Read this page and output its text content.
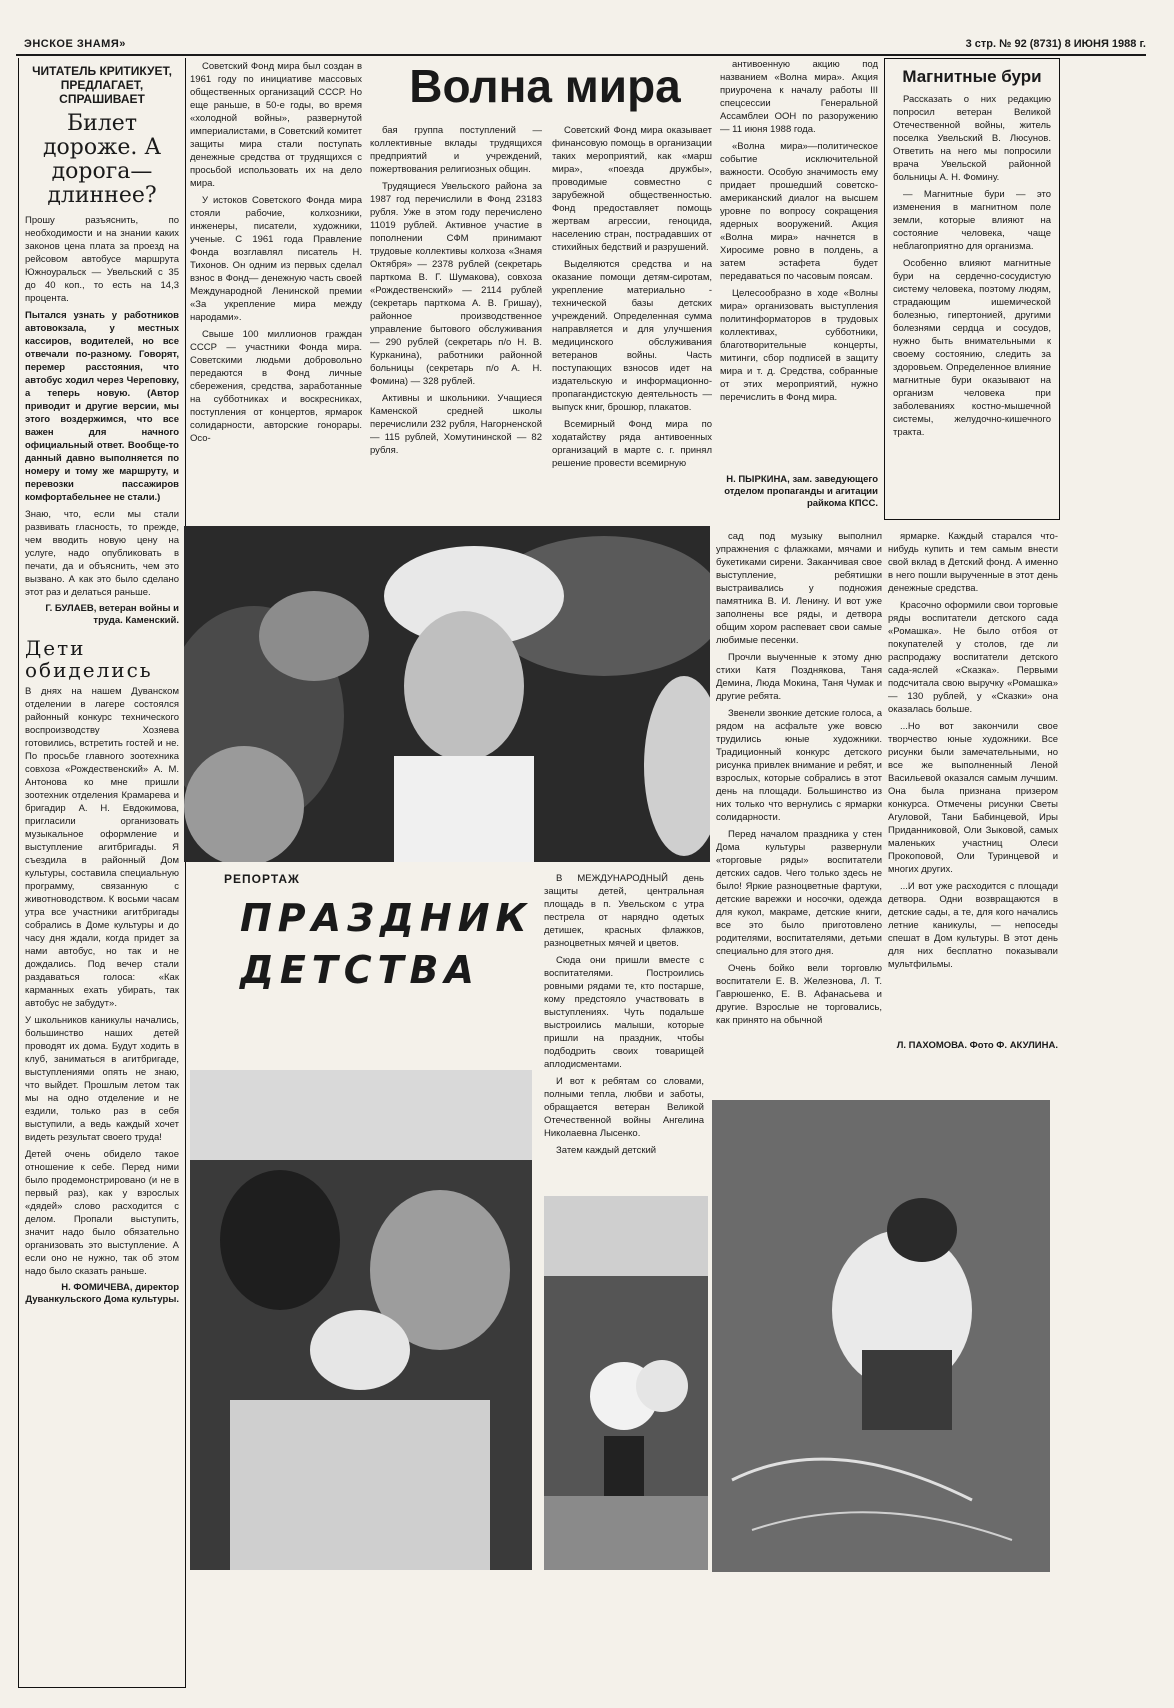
ЭНСКОЕ ЗНАМЯ»	3 стр. № 92 (8731) 8 ИЮНЯ 1988 г.
ЧИТАТЕЛЬ КРИТИКУЕТ, ПРЕДЛАГАЕТ, СПРАШИВАЕТ
Билет дороже. А дорога— длиннее?

Прошу разъяснить, по необходимости и на знании каких законов цена плата за проезд на рейсовом автобусе маршрута Южноуральск — Увельский с 35 до 40 коп., то есть на 14,3 процента.

Пытался узнать у работников автовокзала, у местных кассиров, водителей, но все отвечали по-разному. Говорят, перемер расстояния, что автобус ходил через Череповку, а теперь новую. (Автор приводит и другие версии, мы этого воздержимся, что все важен для начного официальный ответ. Вообще-то данный давно выполняется по номеру и тому же маршруту, и перевозки пассажиров комфортабельнее не стали.)

Знаю, что, если мы стали развивать гласность, то прежде, чем вводить новую цену на услуге, надо опубликовать в печати, да и объяснить, чем это вызвано. А как это было сделано этот раз и делаться раньше.

Г. БУЛАЕВ, ветеран войны и труда. Каменский.
Дети обиделись

В днях на нашем Дуванском отделении в лагере состоялся районный конкурс технического воспроизводству Хозяева готовились, встретить гостей и не. По просьбе главного зоотехника совхоза «Рождественский» А. М. Антонова ко мне пришли зоотехник отделения Крамарева и бригадир А. Н. Евдокимова, пригласили организовать музыкальное оформление и выступление агитбригады. Я съездила в районный Дом культуры, составила специальную программу, связанную с животноводством. К восьми часам утра все участники агитбригады собрались в Доме культуры и до часу дня ждали, когда придет за нами автобус, но так и не дождались. Под вечер стали раздаваться голоса: «Как карманных ехать убирать, так автобус не забудут».

У школьников каникулы начались, большинство наших детей проводят их дома. Будут ходить в клуб, заниматься в агитбригаде, выступлениями опять не знаю, что выйдет. Прошлым летом так мы на одно отделение и не ездили, только раз в себя выступили, а ведь каждый хочет видеть результат своего труда!

Детей очень обидело такое отношение к себе. Перед ними было продемонстрировано (и не в первый раз), как у взрослых «дядей» слово расходится с делом. Пропали выступить, значит надо было обязательно организовать это выступление. А если оно не нужно, так об этом надо было сказать раньше.

Н. ФОМИЧЕВА, директор Дуванкульского Дома культуры.
Волна мира

Советский Фонд мира был создан в 1961 году по инициативе массовых общественных организаций СССР. Но еще раньше, в 50-е годы, во время «холодной войны», развернутой империалистами, в Советский комитет защиты мира стали поступать денежные средства от трудящихся с просьбой использовать их на дело мира.

У истоков Советского Фонда мира стояли рабочие, колхозники, инженеры, писатели, художники, ученые. С 1961 года Правление Фонда возглавлял писатель Н. Тихонов. Он одним из первых сделал взнос в Фонд— денежную часть своей Международной Ленинской премии «За укрепление мира между народами».

Свыше 100 миллионов граждан СССР — участники Фонда мира. Советскими людьми добровольно передаются в Фонд личные сбережения, средства, заработанные на субботниках и воскресниках, поступления от концертов, ярмарок солидарности, авторские гонорары. Осо-

бая группа поступлений — коллективные вклады трудящихся предприятий и учреждений, пожертвования религиозных общин.

Трудящиеся Увельского района за 1987 год перечислили в Фонд 23183 рубля. Уже в этом году перечислено 11019 рублей. Активное участие в пополнении СФМ принимают трудовые коллективы колхоза «Знамя Октября» — 2378 рублей (секретарь парткома В. Г. Шумакова), совхоза «Рождественский» — 2114 рублей (секретарь парткома А. В. Гришау), районное производственное управление бытового обслуживания — 290 рублей (секретарь п/о Н. В. Курканина), работники районной больницы (секретарь п/о А. Н. Фомина) — 328 рублей.

Активны и школьники. Учащиеся Каменской средней школы перечислили 232 рубля, Нагорненской — 115 рублей, Хомутининской — 82 рубля.

Советский Фонд мира оказывает финансовую помощь в организации таких мероприятий, как «марш мира», «поезда дружбы», проводимые совместно с зарубежной общественностью. Фонд предоставляет помощь жертвам агрессии, геноцида, населению стран, пострадавших от стихийных бедствий и разрушений.

Выделяются средства и на оказание помощи детям-сиротам, укрепление материально - технической базы детских учреждений. Определенная сумма направляется и для улучшения медицинского обслуживания ветеранов войны. Часть поступающих взносов идет на издательскую и информационно-пропагандистскую деятельность — выпуск книг, брошюр, плакатов.

Всемирный Фонд мира по ходатайству ряда антивоенных организаций в марте с. г. принял решение провести всемирную

антивоенную акцию под названием «Волна мира». Акция приурочена к началу работы III спецсессии Генеральной Ассамблеи ООН по разоружению — 11 июня 1988 года.

«Волна мира»—политическое событие исключительной важности. Особую значимость ему придает прошедший советско-американский диалог на высшем уровне по вопросу сокращения ядерных вооружений. Акция «Волна мира» начнется в Хиросиме ровно в полдень, а затем эстафета будет передаваться по часовым поясам.

Целесообразно в ходе «Волны мира» организовать выступления политинформаторов в трудовых коллективах, субботники, благотворительные концерты, митинги, сбор подписей в защиту мира и т. д. Средства, собранные от этих мероприятий, нужно перечислить в Фонд мира.

Н. ПЫРКИНА, зам. заведующего отделом пропаганды и агитации райкома КПСС.
Магнитные бури

Рассказать о них редакцию попросил ветеран Великой Отечественной войны, житель поселка Увельский В. Люсунов. Ответить на него мы попросили врача Увельской районной больницы А. Н. Фомину.

— Магнитные бури — это изменения в магнитном поле земли, которые влияют на состояние человека, чаще неблагоприятно для организма.

Особенно влияют магнитные бури на сердечно-сосудистую систему человека, поэтому людям, страдающим ишемической болезнью, гипертонией, другими болезнями сердца и сосудов, нужно быть внимательными к своему состоянию, следить за здоровьем. Определенное влияние магнитные бури оказывают на организм человека при заболеваниях костно-мышечной системы, желудочно-кишечного тракта.

РЕПОРТАЖ
ПРАЗДНИК ДЕТСТВА

В МЕЖДУНАРОДНЫЙ день защиты детей, центральная площадь в п. Увельском с утра пестрела от нарядно одетых детишек, красных флажков, разноцветных мячей и цветов.

Сюда они пришли вместе с воспитателями. Построились ровными рядами те, кто постарше, кому предстояло участвовать в выступлениях. Чуть подальше выстроились малыши, которые пришли на праздник, чтобы подбодрить своих товарищей аплодисментами.

И вот к ребятам со словами, полными тепла, любви и заботы, обращается ветеран Великой Отечественной войны Ангелина Николаевна Лысенко.

Затем каждый детский

сад под музыку выполнил упражнения с флажками, мячами и букетиками сирени. Заканчивая свое выступление, ребятишки выстраивались у подножия памятника В. И. Ленину. И вот уже заполнены все ряды, и детвора общим хором распевает свои самые любимые песенки.

Прочли выученные к этому дню стихи Катя Позднякова, Таня Демина, Люда Мокина, Таня Чумак и другие ребята.

Звенели звонкие детские голоса, а рядом на асфальте уже вовсю трудились юные художники. Традиционный конкурс детского рисунка привлек внимание и ребят, и взрослых, которые собрались в этот день на площади. Большинство из них только что вернулись с ярмарки солидарности.

Перед началом праздника у стен Дома культуры развернули «торговые ряды» воспитатели детских садов. Чего только здесь не было! Яркие разноцветные фартуки, детские варежки и носочки, одежда для кукол, макраме, детские книги, все это было приготовлено родителями, воспитателями, детьми специально для этого дня.

Очень бойко вели торговлю воспитатели Е. В. Железнова, Л. Т. Гаврюшенко, Е. В. Афанасьева и другие. Взрослые не торговались, как принято на обычной

ярмарке. Каждый старался что-нибудь купить и тем самым внести свой вклад в Детский фонд. А именно в него пошли вырученные в этот день денежные средства.

Красочно оформили свои торговые ряды воспитатели детского сада «Ромашка». Не было отбоя от покупателей у столов, где ли распродажу воспитатели детского сада-яслей «Сказка». Первыми подсчитала свою выручку «Ромашка» — 130 рублей, у «Сказки» она оказалась больше.

...Но вот закончили свое творчество юные художники. Все рисунки были замечательными, но все же выполненный Леной Васильевой оказался самым лучшим. Она была признана призером конкурса. Отмечены рисунки Светы Агуловой, Тани Бабинцевой, Иры Приданниковой, Оли Зыковой, самых маленьких участниц Олеси Прокоповой, Оли Туринцевой и многих других.

...И вот уже расходится с площади детвора. Одни возвращаются в детские сады, а те, для кого начались летние каникулы, — непоседы спешат в Дом культуры. В этот день для них бесплатно показывали мультфильмы.

Л. ПАХОМОВА. Фото Ф. АКУЛИНА.
